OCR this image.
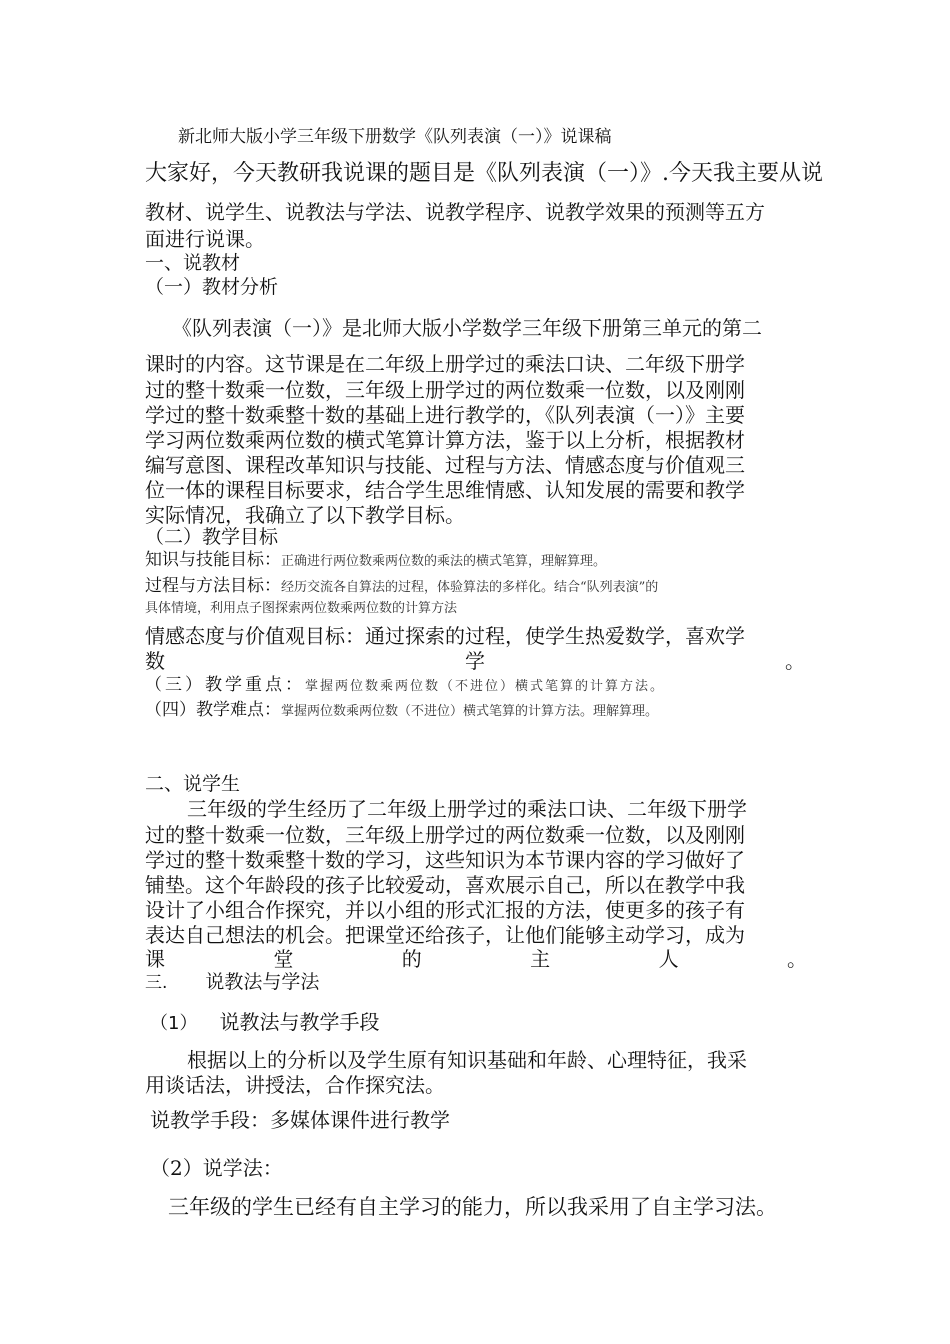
新北师大版小学三年级下册数学《队列表演（一）》说课稿
大家好，今天教研我说课的题目是《队列表演（一）》.今天我主要从说
教材、说学生、说教法与学法、说教学程序、说教学效果的预测等五方
面进行说课。
一、说教材
（一）教材分析
《队列表演（一）》是北师大版小学数学三年级下册第三单元的第二
课时的内容。这节课是在二年级上册学过的乘法口诀、二年级下册学
过的整十数乘一位数，三年级上册学过的两位数乘一位数，以及刚刚
学过的整十数乘整十数的基础上进行教学的，《队列表演（一）》主要
学习两位数乘两位数的横式笔算计算方法，鉴于以上分析，根据教材
编写意图、课程改革知识与技能、过程与方法、情感态度与价值观三
位一体的课程目标要求，结合学生思维情感、认知发展的需要和教学
实际情况，我确立了以下教学目标。
（二）教学目标
知识与技能目标：正确进行两位数乘两位数的乘法的横式笔算，理解算理。
过程与方法目标：经历交流各自算法的过程，体验算法的多样化。结合“队列表演”的
具体情境，利用点子图探索两位数乘两位数的计算方法
情感态度与价值观目标：通过探索的过程，使学生热爱数学，喜欢学
数	学	。
（三）教学重点：掌握两位数乘两位数（不进位）横式笔算的计算方法。
（四）教学难点：掌握两位数乘两位数（不进位）横式笔算的计算方法。理解算理。
二、说学生
三年级的学生经历了二年级上册学过的乘法口诀、二年级下册学
过的整十数乘一位数，三年级上册学过的两位数乘一位数，以及刚刚
学过的整十数乘整十数的学习，这些知识为本节课内容的学习做好了
铺垫。这个年龄段的孩子比较爱动，喜欢展示自己，所以在教学中我
设计了小组合作探究，并以小组的形式汇报的方法，使更多的孩子有
表达自己想法的机会。把课堂还给孩子，让他们能够主动学习，成为
课	堂	的	主	人	。
三. 说教法与学法
（1） 说教法与教学手段
根据以上的分析以及学生原有知识基础和年龄、心理特征，我采
用谈话法，讲授法，合作探究法。
说教学手段：多媒体课件进行教学
（2）说学法：
三年级的学生已经有自主学习的能力，所以我采用了自主学习法。
